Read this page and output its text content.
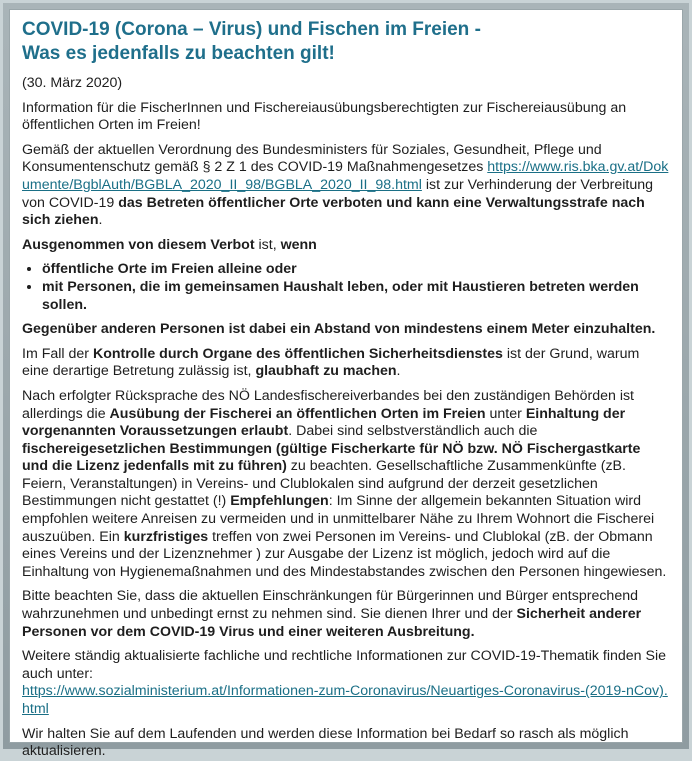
COVID-19 (Corona – Virus) und Fischen im Freien -
Was es jedenfalls zu beachten gilt!

(30. März 2020)

Information für die FischerInnen und Fischereiausübungsberechtigten zur Fischereiausübung an öffentlichen Orten im Freien!

Gemäß der aktuellen Verordnung des Bundesministers für Soziales, Gesundheit, Pflege und Konsumentenschutz gemäß § 2 Z 1 des COVID-19 Maßnahmengesetzes https://www.ris.bka.gv.at/Dokumente/BgblAuth/BGBLA_2020_II_98/BGBLA_2020_II_98.html ist zur Verhinderung der Verbreitung von COVID-19 das Betreten öffentlicher Orte verboten und kann eine Verwaltungsstrafe nach sich ziehen.

Ausgenommen von diesem Verbot ist, wenn

• öffentliche Orte im Freien alleine oder
• mit Personen, die im gemeinsamen Haushalt leben, oder mit Haustieren betreten werden sollen.

Gegenüber anderen Personen ist dabei ein Abstand von mindestens einem Meter einzuhalten.

Im Fall der Kontrolle durch Organe des öffentlichen Sicherheitsdienstes ist der Grund, warum eine derartige Betretung zulässig ist, glaubhaft zu machen.

Nach erfolgter Rücksprache des NÖ Landesfischereiverbandes bei den zuständigen Behörden ist allerdings die Ausübung der Fischerei an öffentlichen Orten im Freien unter Einhaltung der vorgenannten Voraussetzungen erlaubt. Dabei sind selbstverständlich auch die fischereigesetzlichen Bestimmungen (gültige Fischerkarte für NÖ bzw. NÖ Fischergastkarte und die Lizenz jedenfalls mit zu führen) zu beachten. Gesellschaftliche Zusammenkünfte (zB. Feiern, Veranstaltungen) in Vereins- und Clublokalen sind aufgrund der derzeit gesetzlichen Bestimmungen nicht gestattet (!) Empfehlungen: Im Sinne der allgemein bekannten Situation wird empfohlen weitere Anreisen zu vermeiden und in unmittelbarer Nähe zu Ihrem Wohnort die Fischerei auszuüben. Ein kurzfristiges treffen von zwei Personen im Vereins- und Clublokal (zB. der Obmann eines Vereins und der Lizenznehmer ) zur Ausgabe der Lizenz ist möglich, jedoch wird auf die Einhaltung von Hygienemaßnahmen und des Mindestabstandes zwischen den Personen hingewiesen.

Bitte beachten Sie, dass die aktuellen Einschränkungen für Bürgerinnen und Bürger entsprechend wahrzunehmen und unbedingt ernst zu nehmen sind. Sie dienen Ihrer und der Sicherheit anderer Personen vor dem COVID-19 Virus und einer weiteren Ausbreitung.

Weitere ständig aktualisierte fachliche und rechtliche Informationen zur COVID-19-Thematik finden Sie auch unter:
https://www.sozialministerium.at/Informationen-zum-Coronavirus/Neuartiges-Coronavirus-(2019-nCov).html

Wir halten Sie auf dem Laufenden und werden diese Information bei Bedarf so rasch als möglich aktualisieren.
